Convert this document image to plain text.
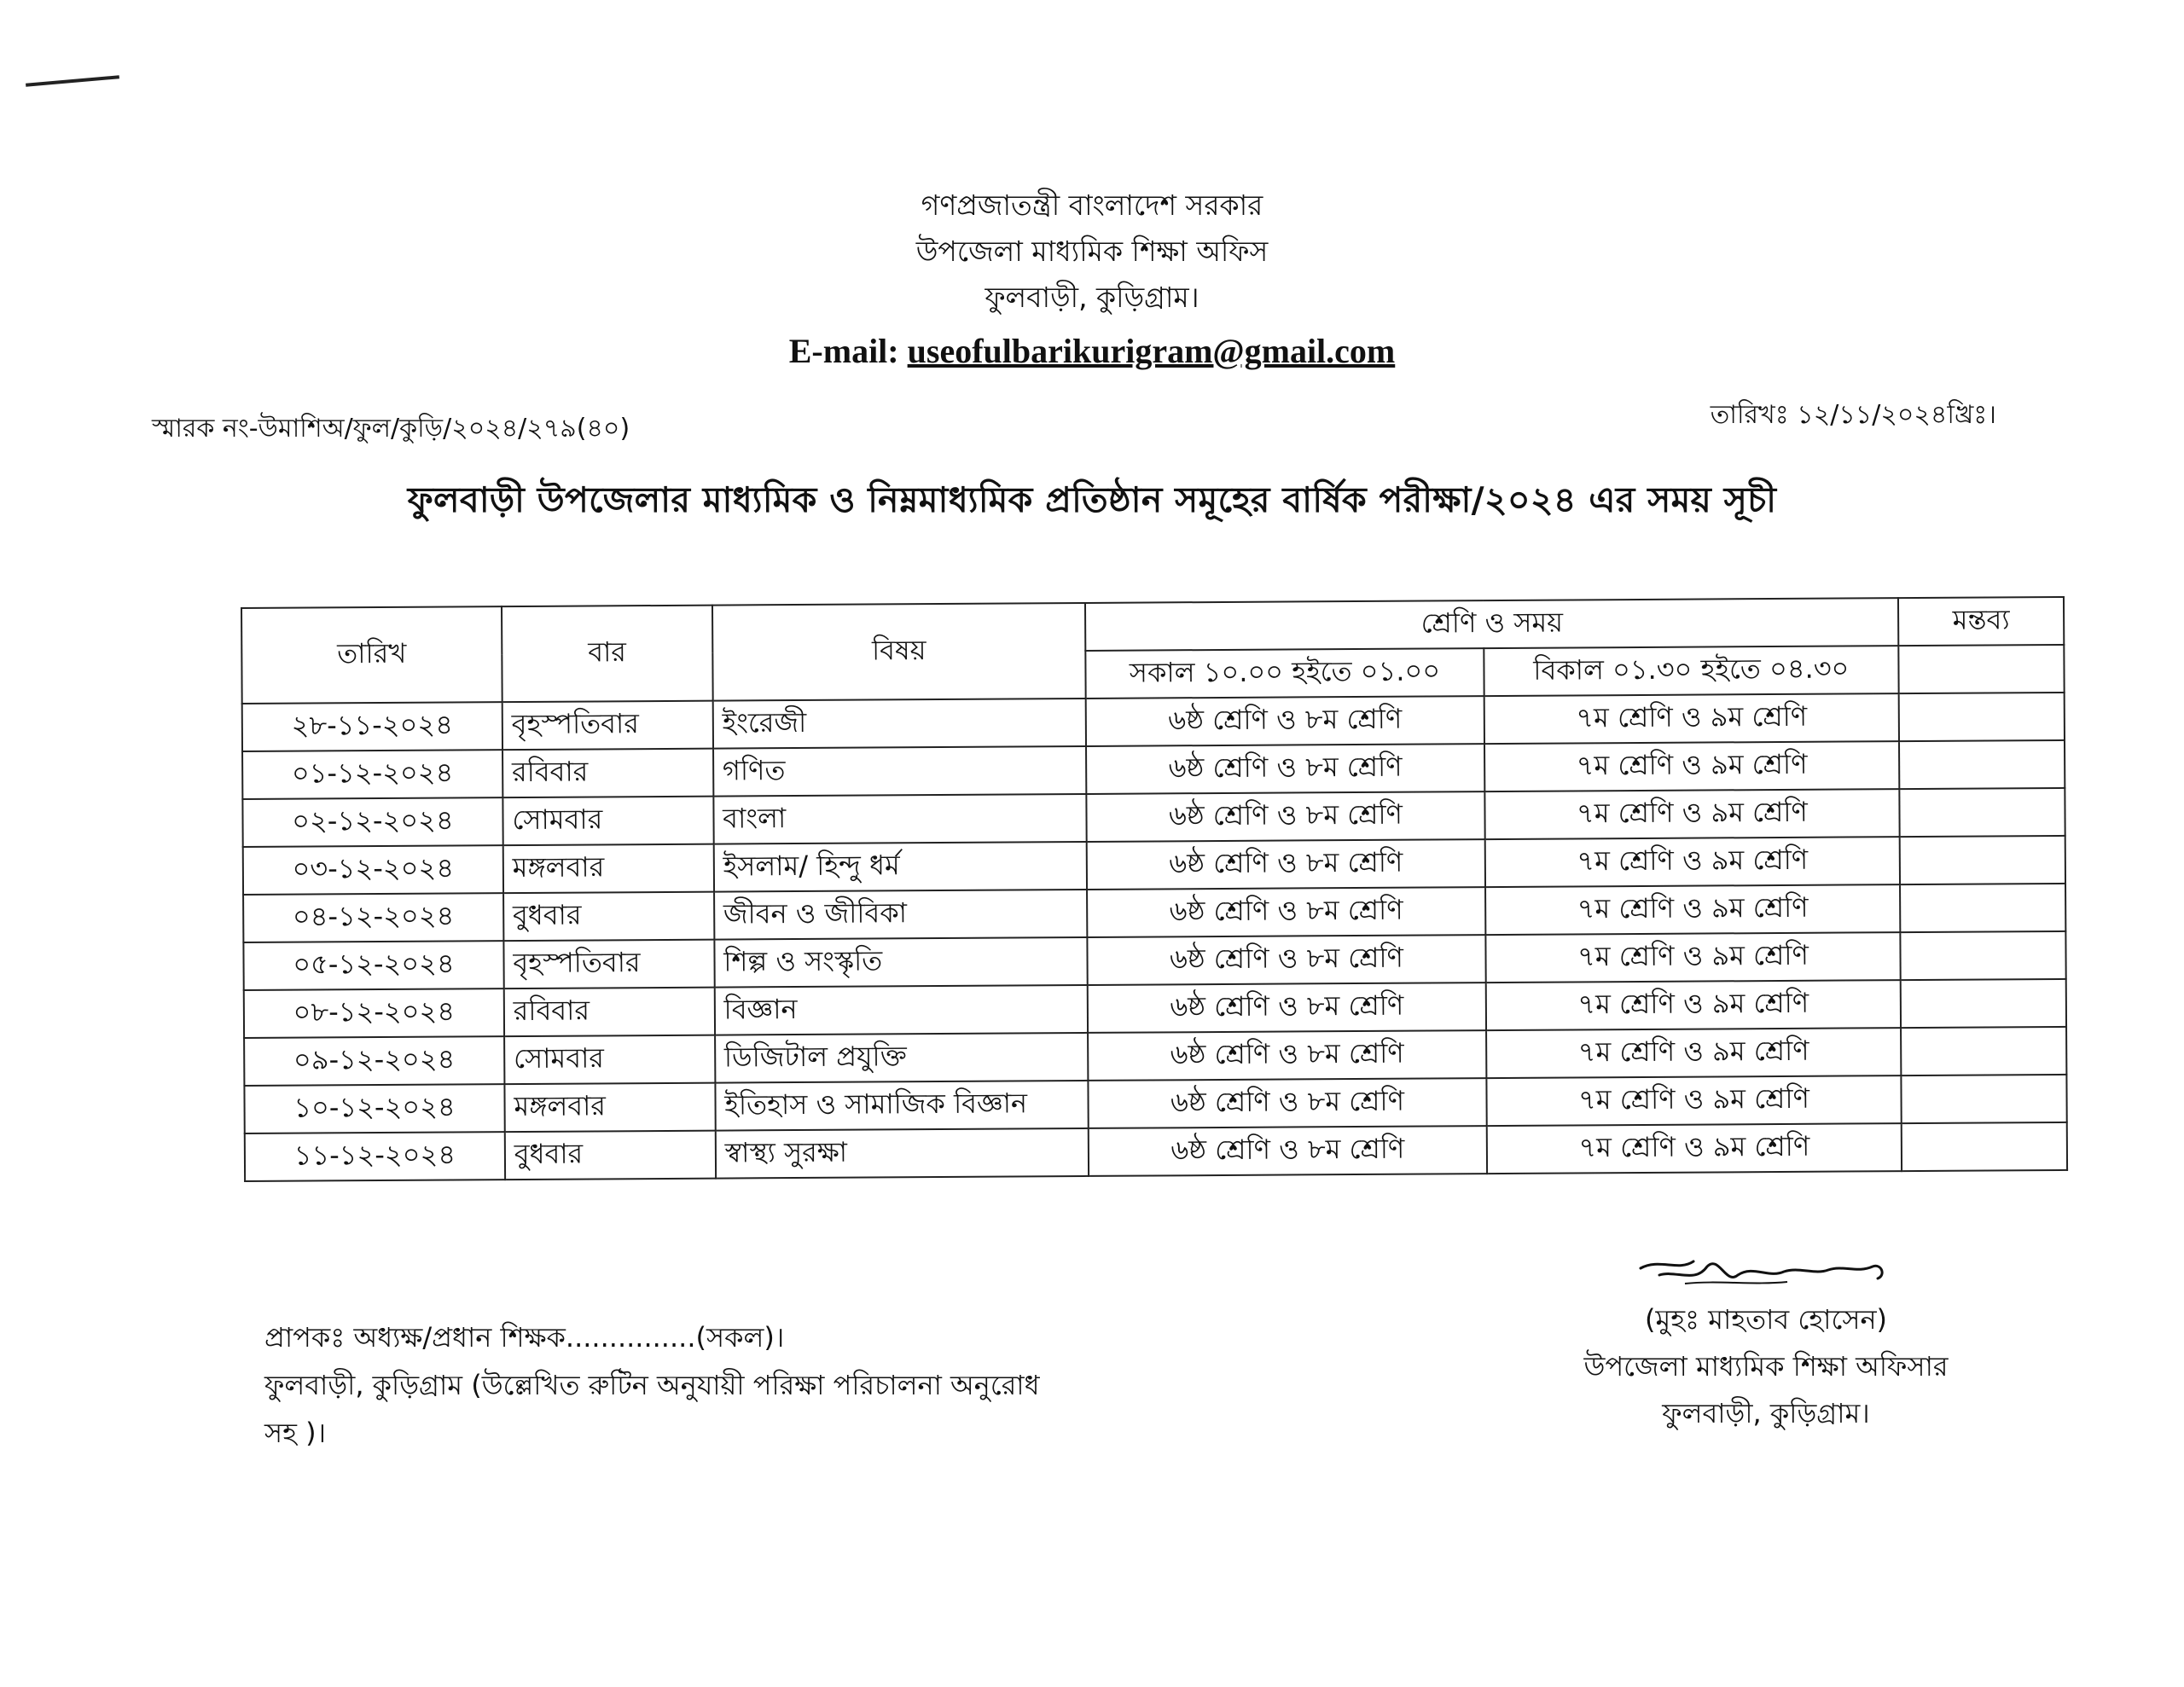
গণপ্রজাতন্ত্রী বাংলাদেশ সরকার
উপজেলা মাধ্যমিক শিক্ষা অফিস
ফুলবাড়ী, কুড়িগ্রাম।
E-mail: useofulbarikurigram@gmail.com
স্মারক নং-উমাশিঅ/ফুল/কুড়ি/২০২৪/২৭৯(৪০)	তারিখঃ ১২/১১/২০২৪খ্রিঃ।
ফুলবাড়ী উপজেলার মাধ্যমিক ও নিম্নমাধ্যমিক প্রতিষ্ঠান সমূহের বার্ষিক পরীক্ষা/২০২৪ এর সময় সূচী
তারিখ	বার	বিষয়	শ্রেণি ও সময়		মন্তব্য
			সকাল ১০.০০ হইতে ০১.০০	বিকাল ০১.৩০ হইতে ০৪.৩০	
২৮-১১-২০২৪	বৃহস্পতিবার	ইংরেজী	৬ষ্ঠ শ্রেণি ও ৮ম শ্রেণি	৭ম শ্রেণি ও ৯ম শ্রেণি	
০১-১২-২০২৪	রবিবার	গণিত	৬ষ্ঠ শ্রেণি ও ৮ম শ্রেণি	৭ম শ্রেণি ও ৯ম শ্রেণি	
০২-১২-২০২৪	সোমবার	বাংলা	৬ষ্ঠ শ্রেণি ও ৮ম শ্রেণি	৭ম শ্রেণি ও ৯ম শ্রেণি	
০৩-১২-২০২৪	মঙ্গলবার	ইসলাম/ হিন্দু ধর্ম	৬ষ্ঠ শ্রেণি ও ৮ম শ্রেণি	৭ম শ্রেণি ও ৯ম শ্রেণি	
০৪-১২-২০২৪	বুধবার	জীবন ও জীবিকা	৬ষ্ঠ শ্রেণি ও ৮ম শ্রেণি	৭ম শ্রেণি ও ৯ম শ্রেণি	
০৫-১২-২০২৪	বৃহস্পতিবার	শিল্প ও সংস্কৃতি	৬ষ্ঠ শ্রেণি ও ৮ম শ্রেণি	৭ম শ্রেণি ও ৯ম শ্রেণি	
০৮-১২-২০২৪	রবিবার	বিজ্ঞান	৬ষ্ঠ শ্রেণি ও ৮ম শ্রেণি	৭ম শ্রেণি ও ৯ম শ্রেণি	
০৯-১২-২০২৪	সোমবার	ডিজিটাল প্রযুক্তি	৬ষ্ঠ শ্রেণি ও ৮ম শ্রেণি	৭ম শ্রেণি ও ৯ম শ্রেণি	
১০-১২-২০২৪	মঙ্গলবার	ইতিহাস ও সামাজিক বিজ্ঞান	৬ষ্ঠ শ্রেণি ও ৮ম শ্রেণি	৭ম শ্রেণি ও ৯ম শ্রেণি	
১১-১২-২০২৪	বুধবার	স্বাস্থ্য সুরক্ষা	৬ষ্ঠ শ্রেণি ও ৮ম শ্রেণি	৭ম শ্রেণি ও ৯ম শ্রেণি	
প্রাপকঃ অধ্যক্ষ/প্রধান শিক্ষক...............(সকল)।
ফুলবাড়ী, কুড়িগ্রাম (উল্লেখিত রুটিন অনুযায়ী পরিক্ষা পরিচালনা অনুরোধ
সহ )।
(মুহঃ মাহতাব হোসেন)
উপজেলা মাধ্যমিক শিক্ষা অফিসার
ফুলবাড়ী, কুড়িগ্রাম।
